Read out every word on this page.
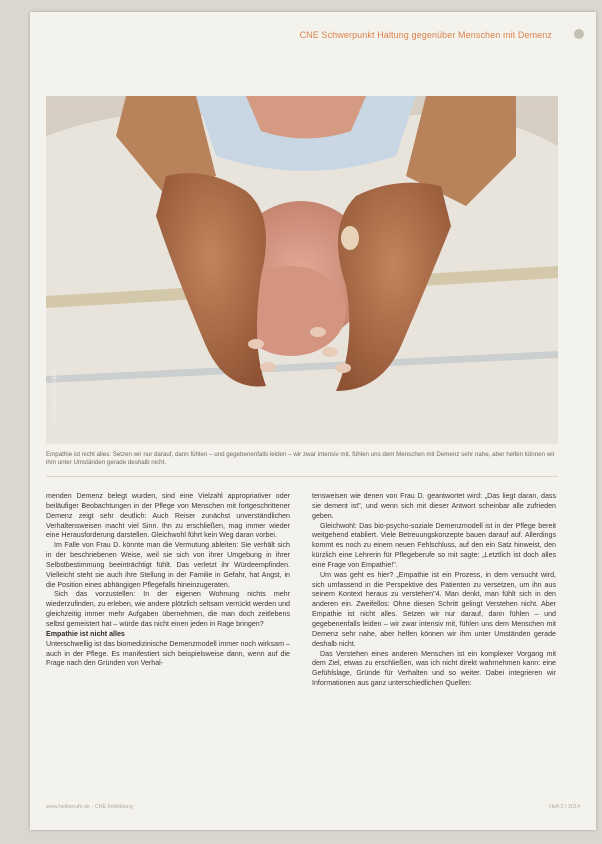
CNE Schwerpunkt Haltung gegenüber Menschen mit Demenz
Foto: Werner Krüper
Empathie ist nicht alles: Setzen wir nur darauf, dann fühlen – und gegebenenfalls leiden – wir zwar intensiv mit, fühlen uns dem Menschen mit Demenz sehr nahe, aber helfen können wir ihm unter Umständen gerade deshalb nicht.

menden Demenz belegt wurden, sind eine Vielzahl appropriativer oder beiläufiger Beobachtungen in der Pflege von Menschen mit fortgeschrittener Demenz zeigt sehr deutlich: Auch Reiser zunächst unverständlichen Verhaltensweisen macht viel Sinn. Ihn zu erschließen, mag immer wieder eine Herausforderung darstellen. Gleichwohl führt kein Weg daran vorbei.

Im Falle von Frau D. könnte man die Vermutung ableiten: Sie verhält sich in der beschriebenen Weise, weil sie sich von ihrer Umgebung in ihrer Selbstbestimmung beeinträchtigt fühlt. Das verletzt ihr Würdeempfinden. Vielleicht steht sie auch ihre Stellung in der Familie in Gefahr, hat Angst, in die Position eines abhängigen Pflegefalls hineinzugeraten.

Sich das vorzustellen: In der eigenen Wohnung nichts mehr wiederzufinden, zu erleben, wie andere plötzlich seltsam verrückt werden und gleichzeitig immer mehr Aufgaben übernehmen, die man doch zeitlebens selbst gemeistert hat – würde das nicht einen jeden in Rage bringen?

Empathie ist nicht alles

Unterschwellig ist das biomedizinische Demenzmodell immer noch wirksam – auch in der Pflege. Es manifestiert sich beispielsweise dann, wenn auf die Frage nach den Gründen von Verhal-

tensweisen wie denen von Frau D. geantwortet wird: „Das liegt daran, dass sie dement ist", und wenn sich mit dieser Antwort scheinbar alle zufrieden geben.

Gleichwohl: Das bio-psycho-soziale Demenzmodell ist in der Pflege bereit weitgehend etabliert. Viele Betreuungskonzepte bauen darauf auf. Allerdings kommt es noch zu einem neuen Fehlschluss, auf den ein Satz hinweist, den kürzlich eine Lehrerin für Pflegeberufe so mit sagte: „Letztlich ist doch alles eine Frage von Empathie!".

Um was geht es hier? „Empathie ist ein Prozess, in dem versucht wird, sich umfassend in die Perspektive des Patienten zu versetzen, um ihn aus seinem Kontext heraus zu verstehen"4. Man denkt, man fühlt sich in den anderen ein. Zweifellos: Ohne diesen Schritt gelingt Verstehen nicht. Aber Empathie ist nicht alles. Setzen wir nur darauf, dann fühlen – und gegebenenfalls leiden – wir zwar intensiv mit, fühlen uns dem Menschen mit Demenz sehr nahe, aber helfen können wir ihm unter Umständen gerade deshalb nicht.

Das Verstehen eines anderen Menschen ist ein komplexer Vorgang mit dem Ziel, etwas zu erschließen, was ich nicht direkt wahrnehmen kann: eine Gefühlslage, Gründe für Verhalten und so weiter. Dabei integrieren wir Informationen aus ganz unterschiedlichen Quellen:

www.heilberufe.de · CNE.fortbildung	Heft 2 / 2014
